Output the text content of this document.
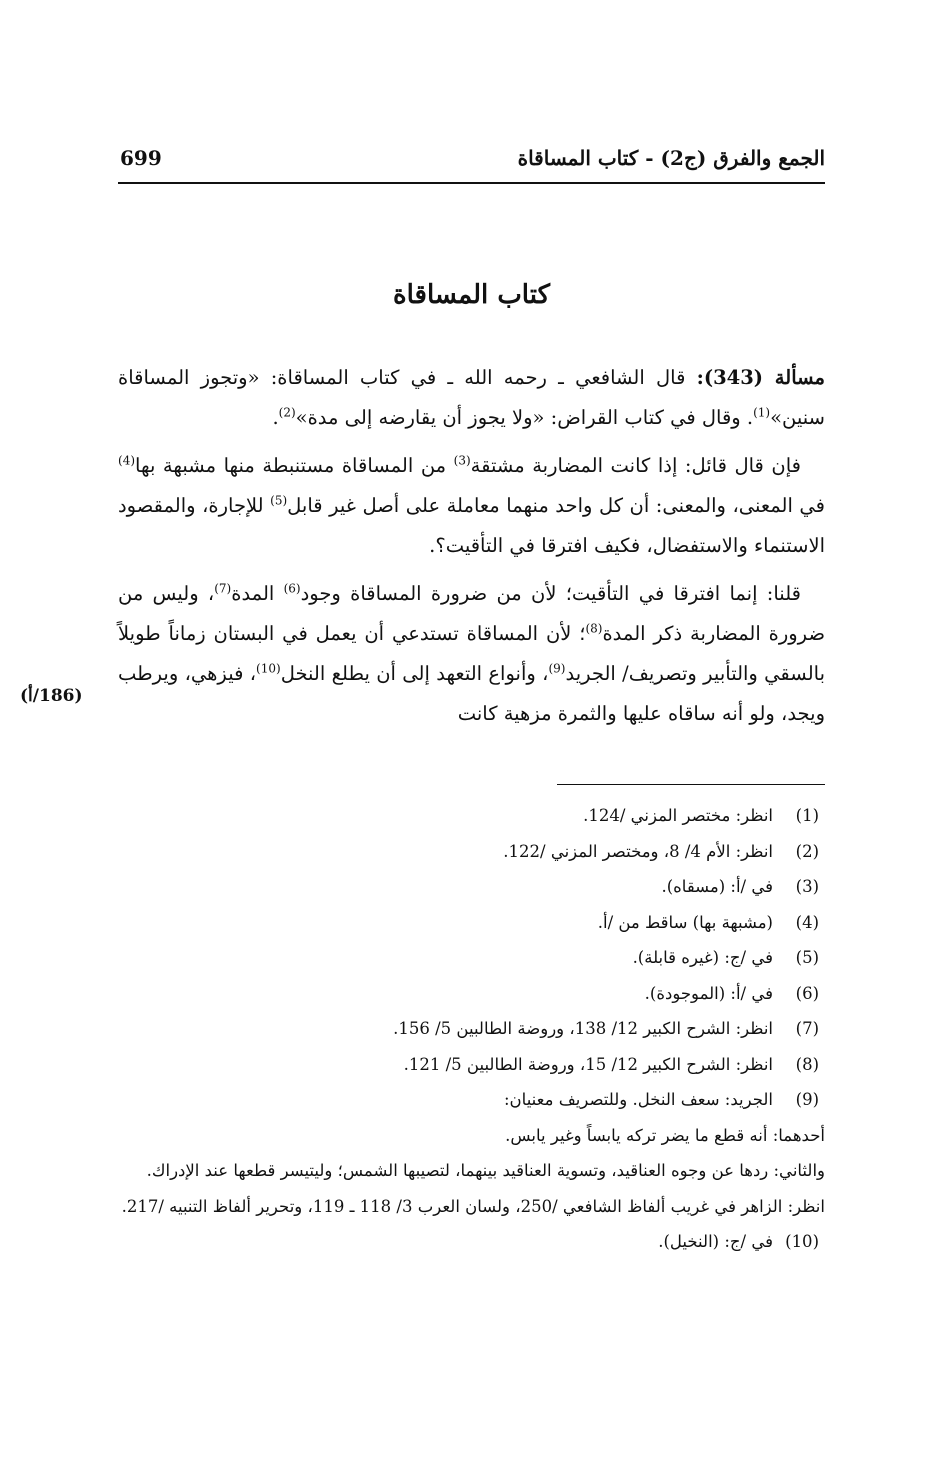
الجمع والفرق (ج2) - كتاب المساقاة
699
كتاب المساقاة

مسألة (343): قال الشافعي ـ رحمه الله ـ في كتاب المساقاة: «وتجوز المساقاة سنين»$^{(1)}$. وقال في كتاب القراض: «ولا يجوز أن يقارضه إلى مدة»$^{(2)}$.

فإن قال قائل: إذا كانت المضاربة مشتقة$^{(3)}$ من المساقاة مستنبطة منها مشبهة بها$^{(4)}$ في المعنى، والمعنى: أن كل واحد منهما معاملة على أصل غير قابل$^{(5)}$ للإجارة، والمقصود الاستنماء والاستفضال، فكيف افترقا في التأقيت؟.

قلنا: إنما افترقا في التأقيت؛ لأن من ضرورة المساقاة وجود$^{(6)}$ المدة$^{(7)}$، وليس من ضرورة المضاربة ذكر المدة$^{(8)}$؛ لأن المساقاة تستدعي أن يعمل في البستان زماناً طويلاً بالسقي والتأبير وتصريف/ الجريد$^{(9)}$، وأنواع التعهد إلى أن يطلع النخل$^{(10)}$، فيزهي، ويرطب ويجد، ولو أنه ساقاه عليها والثمرة مزهية كانت

(186/أ)
(1)
انظر: مختصر المزني /124.
(2)
انظر: الأم 4/ 8، ومختصر المزني /122.
(3)
في /أ: (مسقاه).
(4)
(مشبهة بها) ساقط من /أ.
(5)
في /ج: (غيره قابلة).
(6)
في /أ: (الموجودة).
(7)
انظر: الشرح الكبير 12/ 138، وروضة الطالبين 5/ 156.
(8)
انظر: الشرح الكبير 12/ 15، وروضة الطالبين 5/ 121.
(9)
الجريد: سعف النخل. وللتصريف معنيان:
أحدهما: أنه قطع ما يضر تركه يابساً وغير يابس.
والثاني: ردها عن وجوه العناقيد، وتسوية العناقيد بينهما، لتصيبها الشمس؛ وليتيسر قطعها عند الإدراك.
انظر: الزاهر في غريب ألفاظ الشافعي /250، ولسان العرب 3/ 118 ـ 119، وتحرير ألفاظ التنبيه /217.
(10)
في /ج: (النخيل).
